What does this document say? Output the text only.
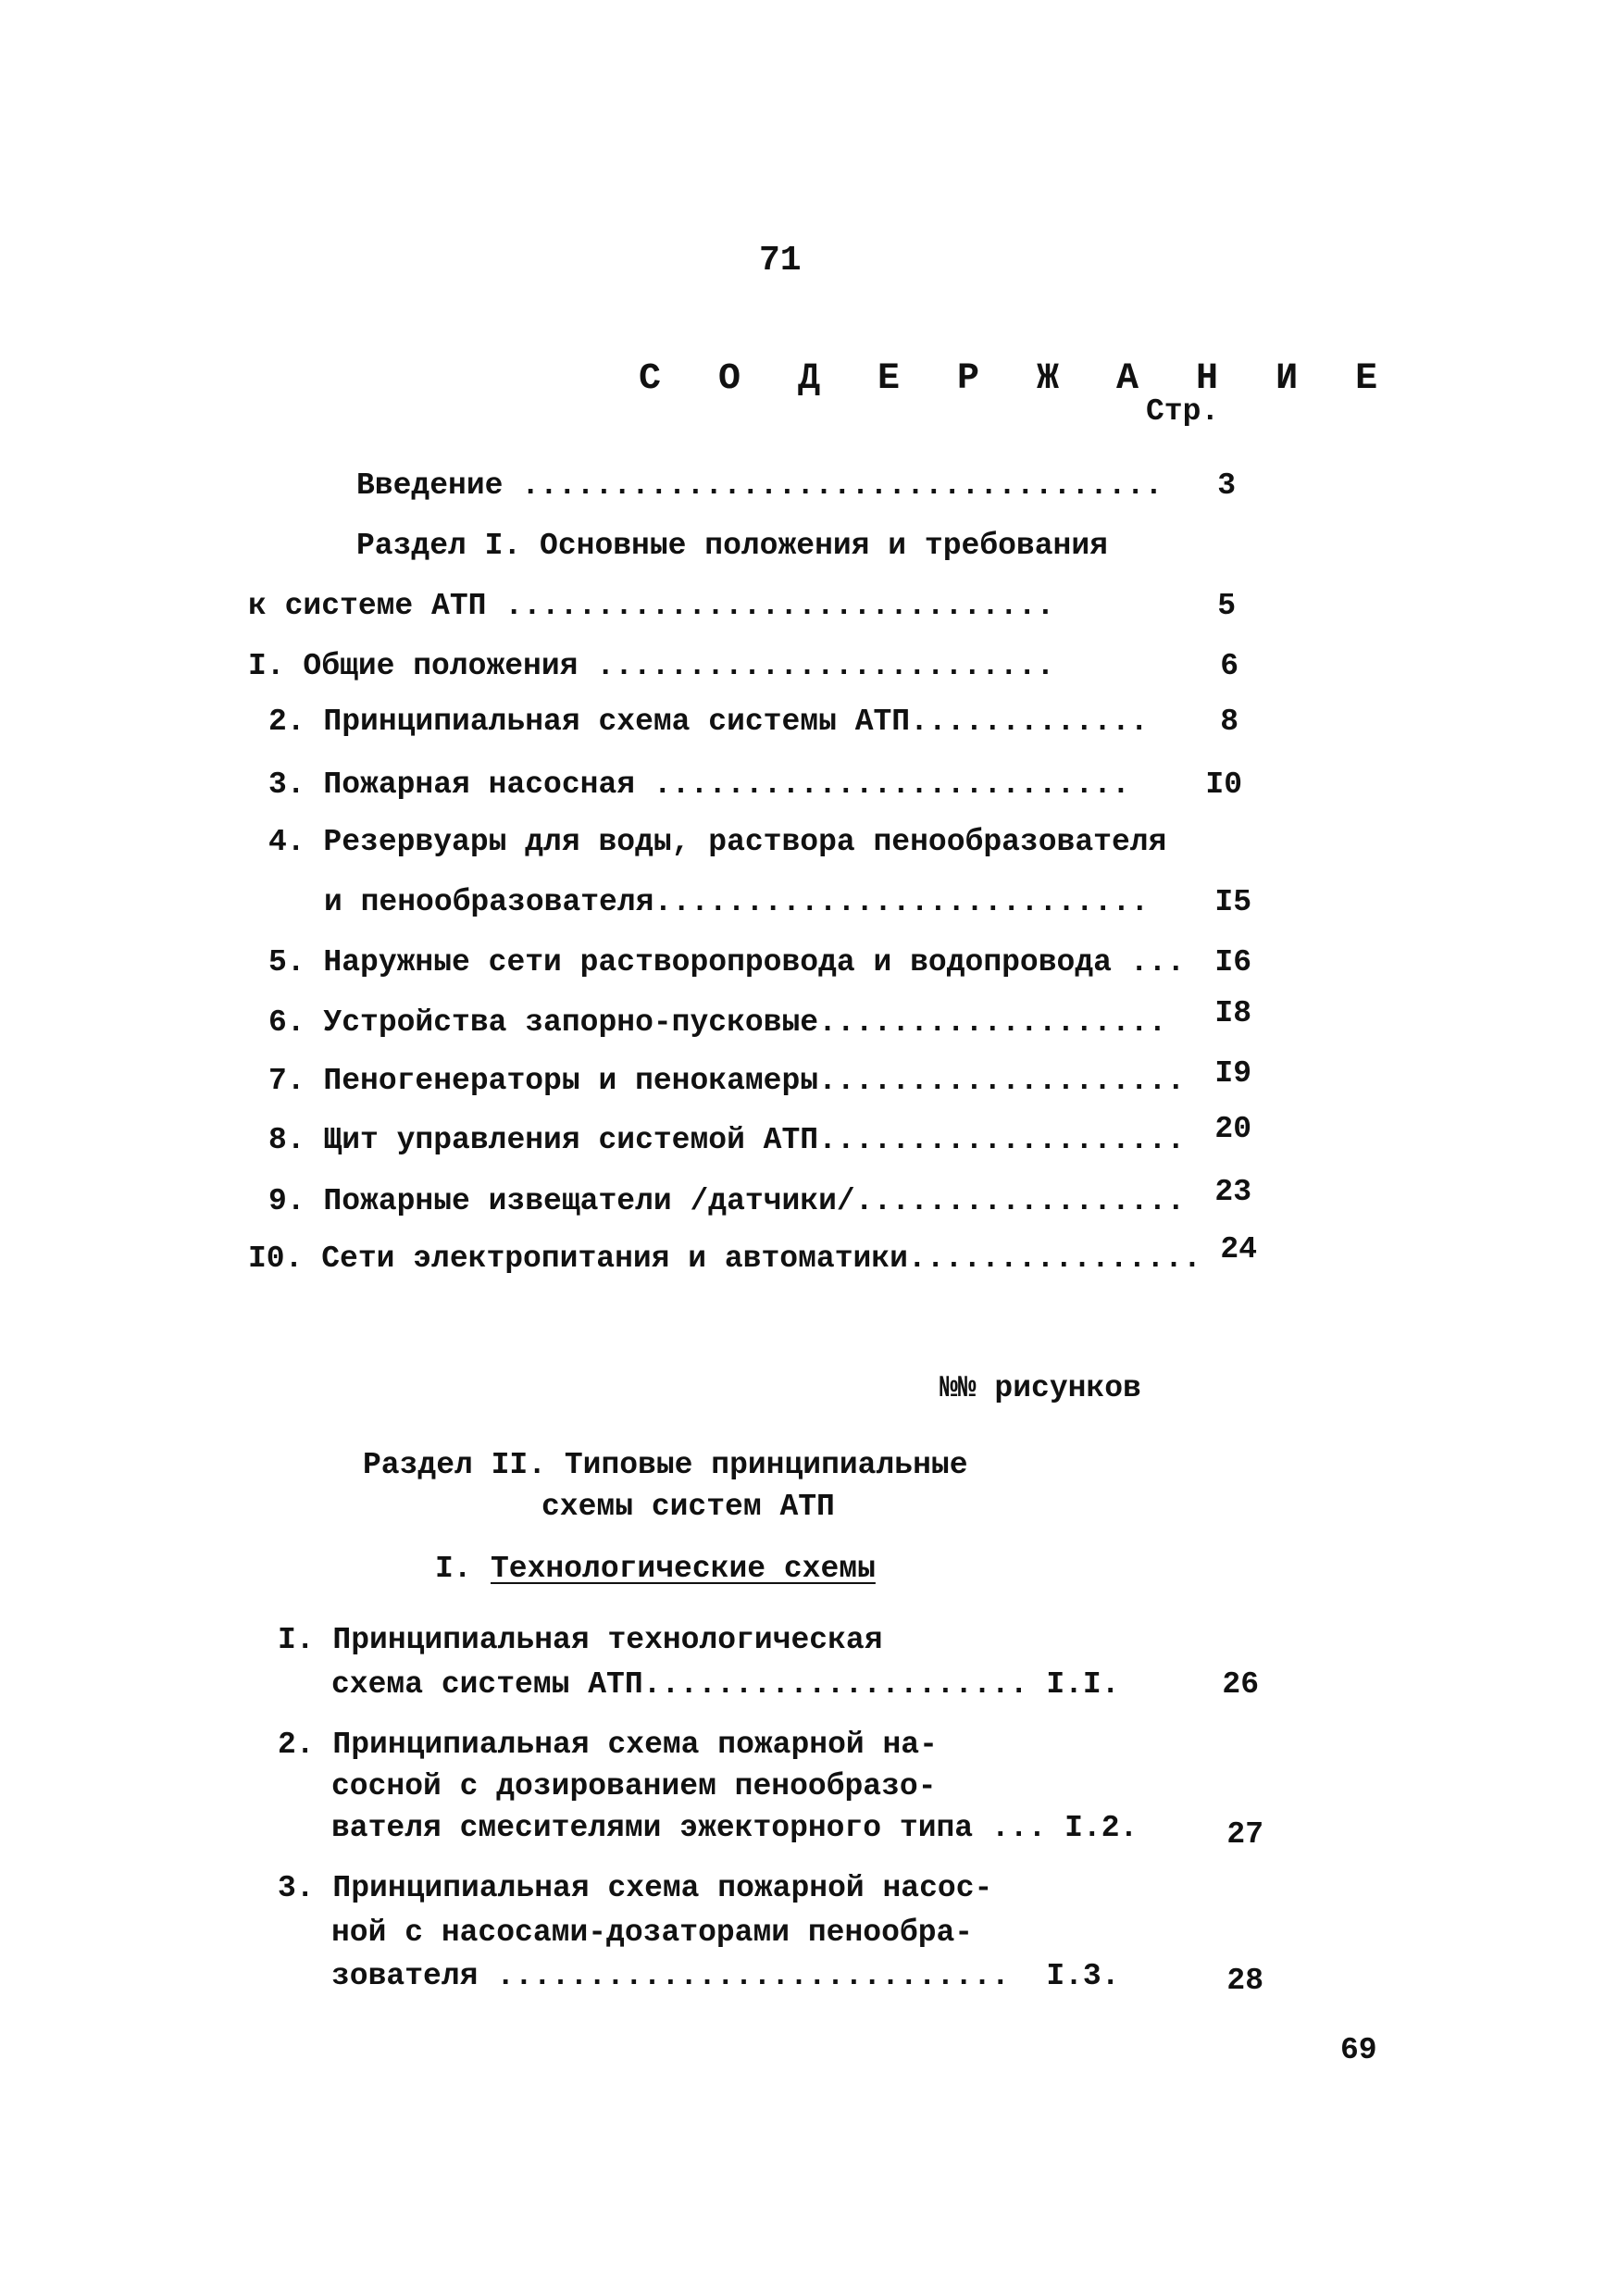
71
С О Д Е Р Ж А Н И Е
Стр.
Введение ...................................	3
Раздел I. Основные положения и требования
к системе АТП ..............................	5
I. Общие положения .........................	6
2. Принципиальная схема системы АТП.............	8
3. Пожарная насосная ..........................	I0
4. Резервуары для воды, раствора пенообразователя
и пенообразователя...........................	I5
5. Наружные сети растворопровода и водопровода ... I6
6. Устройства запорно-пусковые...................	I8
7. Пеногенераторы и пенокамеры.................... I9
8. Щит управления системой АТП.................... 20
9. Пожарные извещатели /датчики/.................. 23
I0. Сети электропитания и автоматики................ 24
№№ рисунков
Раздел II. Типовые принципиальные
схемы систем АТП
I. Технологические схемы
I. Принципиальная технологическая
схема системы АТП..................... I.I.	26
2. Принципиальная схема пожарной на-
сосной с дозированием пенообразо-
вателя смесителями эжекторного типа ... I.2.	27
3. Принципиальная схема пожарной насос-
ной с насосами-дозаторами пенообра-
зователя ............................  I.3.	28
69
